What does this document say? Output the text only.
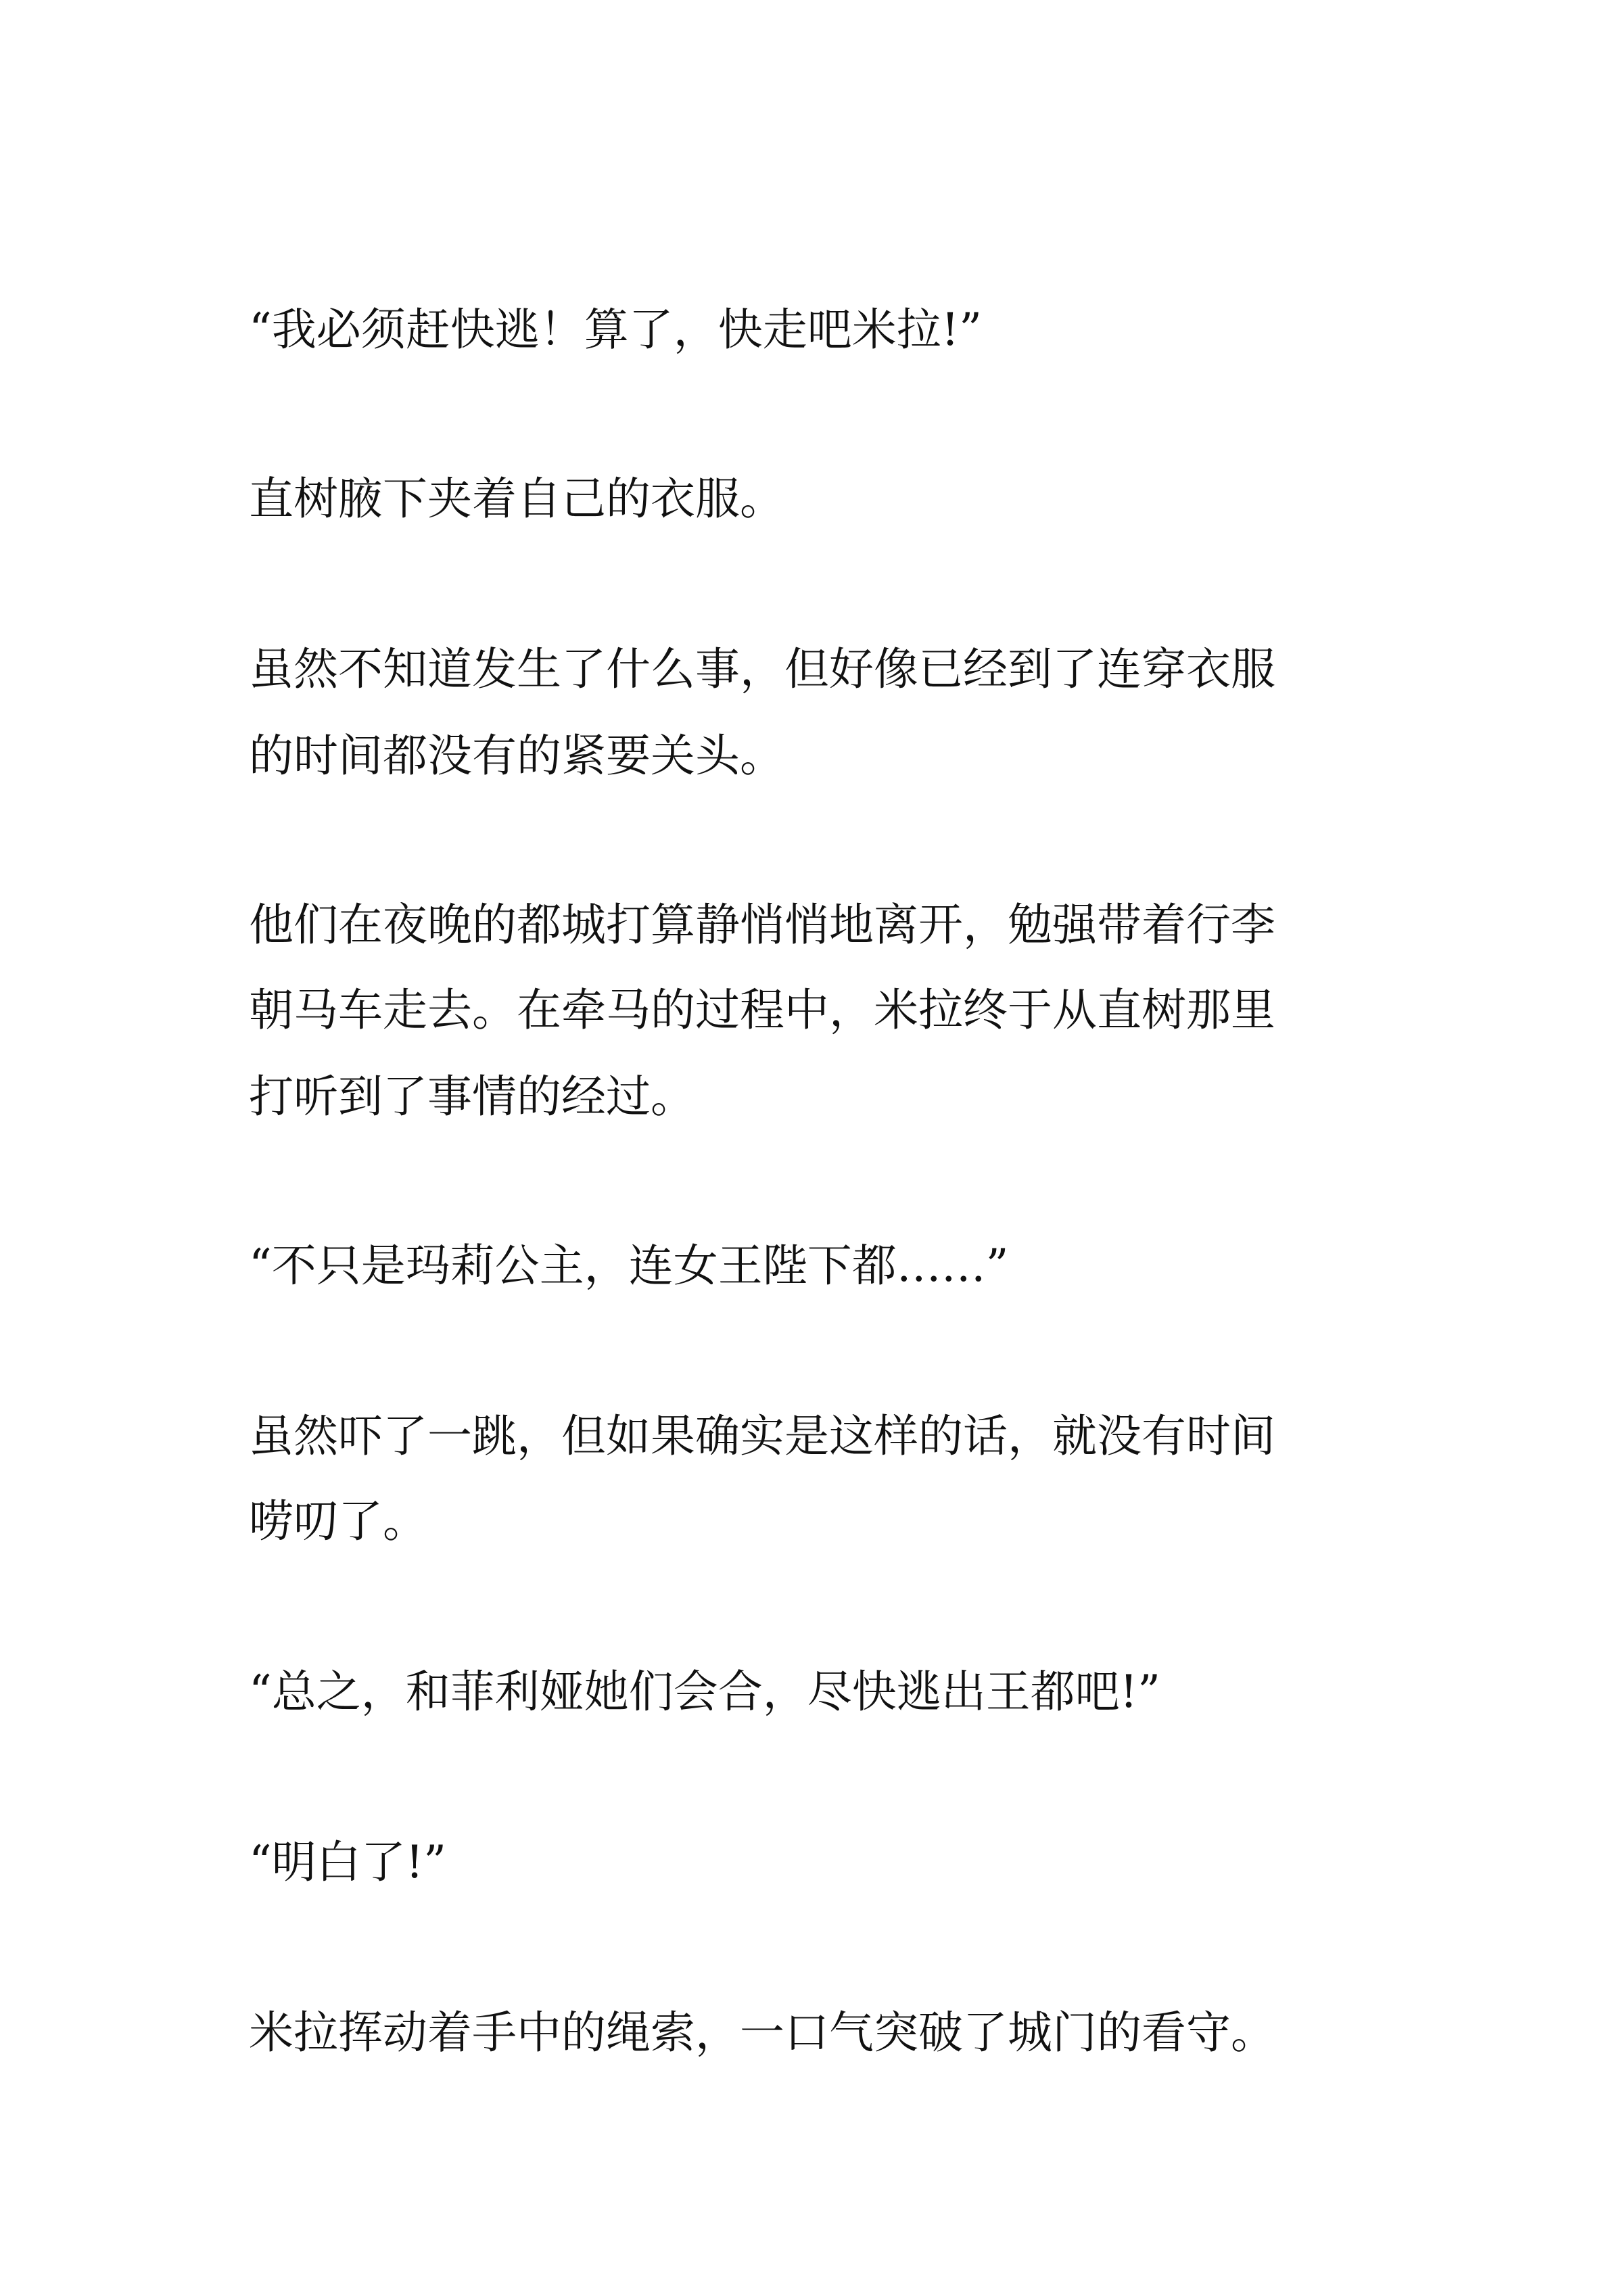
“我必须赶快逃！算了，快走吧米拉!”

直树腋下夹着自己的衣服。

虽然不知道发生了什么事，但好像已经到了连穿衣服

的时间都没有的紧要关头。

他们在夜晚的都城打算静悄悄地离开，勉强带着行李

朝马车走去。在牵马的过程中，米拉终于从直树那里

打听到了事情的经过。

“不只是玛莉公主，连女王陛下都……”

虽然吓了一跳，但如果确实是这样的话，就没有时间

唠叨了。

“总之，和菲利娅她们会合，尽快逃出王都吧!”

“明白了!”

米拉挥动着手中的绳索，一口气突破了城门的看守。
